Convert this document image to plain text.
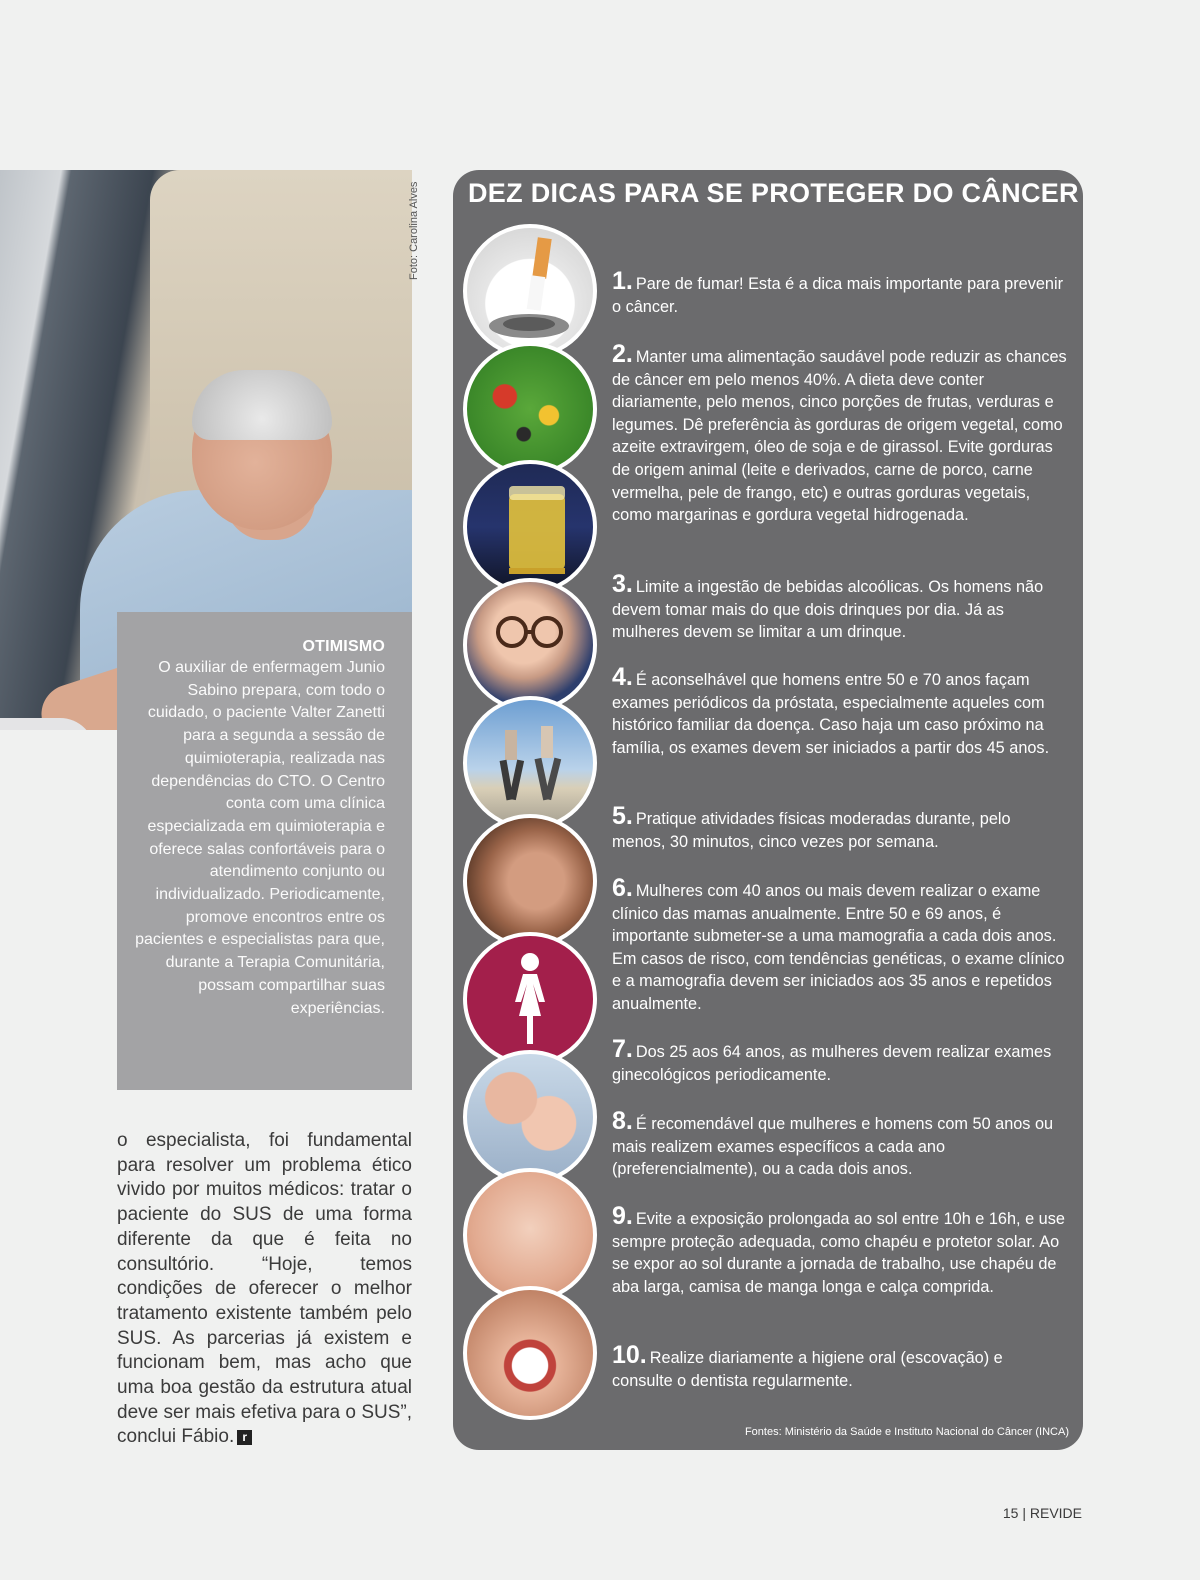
Foto: Carolina Alves
OTIMISMO
O auxiliar de enfermagem Junio Sabino prepara, com todo o cuidado, o paciente Valter Zanetti para a segunda a sessão de quimioterapia, realizada nas dependências do CTO. O Centro conta com uma clínica especializada em quimioterapia e oferece salas confortáveis para o atendimento conjunto ou individualizado. Periodicamente, promove encontros entre os pacientes e especialistas para que, durante a Terapia Comunitária, possam compartilhar suas experiências.

o especialista, foi fundamental para resolver um problema ético vivido por muitos médicos: tratar o paciente do SUS de uma forma diferente da que é feita no consultório. “Hoje, temos condições de oferecer o melhor tratamento existente também pelo SUS. As parcerias já existem e funcionam bem, mas acho que uma boa gestão da estrutura atual deve ser mais efetiva para o SUS”, conclui Fábio. r

DEZ DICAS PARA SE PROTEGER DO CÂNCER
1. Pare de fumar! Esta é a dica mais importante para prevenir o câncer.
2. Manter uma alimentação saudável pode reduzir as chances de câncer em pelo menos 40%. A dieta deve conter diariamente, pelo menos, cinco porções de frutas, verduras e legumes. Dê preferência às gorduras de origem vegetal, como azeite extravirgem, óleo de soja e de girassol. Evite gorduras de origem animal (leite e derivados, carne de porco, carne vermelha, pele de frango, etc) e outras gorduras vegetais, como margarinas e gordura vegetal hidrogenada.
3. Limite a ingestão de bebidas alcoólicas. Os homens não devem tomar mais do que dois drinques por dia. Já as mulheres devem se limitar a um drinque.
4. É aconselhável que homens entre 50 e 70 anos façam exames periódicos da próstata, especialmente aqueles com histórico familiar da doença. Caso haja um caso próximo na família, os exames devem ser iniciados a partir dos 45 anos.
5. Pratique atividades físicas moderadas durante, pelo menos, 30 minutos, cinco vezes por semana.
6. Mulheres com 40 anos ou mais devem realizar o exame clínico das mamas anualmente. Entre 50 e 69 anos, é importante submeter-se a uma mamografia a cada dois anos. Em casos de risco, com tendências genéticas, o exame clínico e a mamografia devem ser iniciados aos 35 anos e repetidos anualmente.
7. Dos 25 aos 64 anos, as mulheres devem realizar exames ginecológicos periodicamente.
8. É recomendável que mulheres e homens com 50 anos ou mais realizem exames específicos a cada ano (preferencialmente), ou a cada dois anos.
9. Evite a exposição prolongada ao sol entre 10h e 16h, e use sempre proteção adequada, como chapéu e protetor solar. Ao se expor ao sol durante a jornada de trabalho, use chapéu de aba larga, camisa de manga longa e calça comprida.
10. Realize diariamente a higiene oral (escovação) e consulte o dentista regularmente.
Fontes: Ministério da Saúde e Instituto Nacional do Câncer (INCA)
15 | REVIDE
